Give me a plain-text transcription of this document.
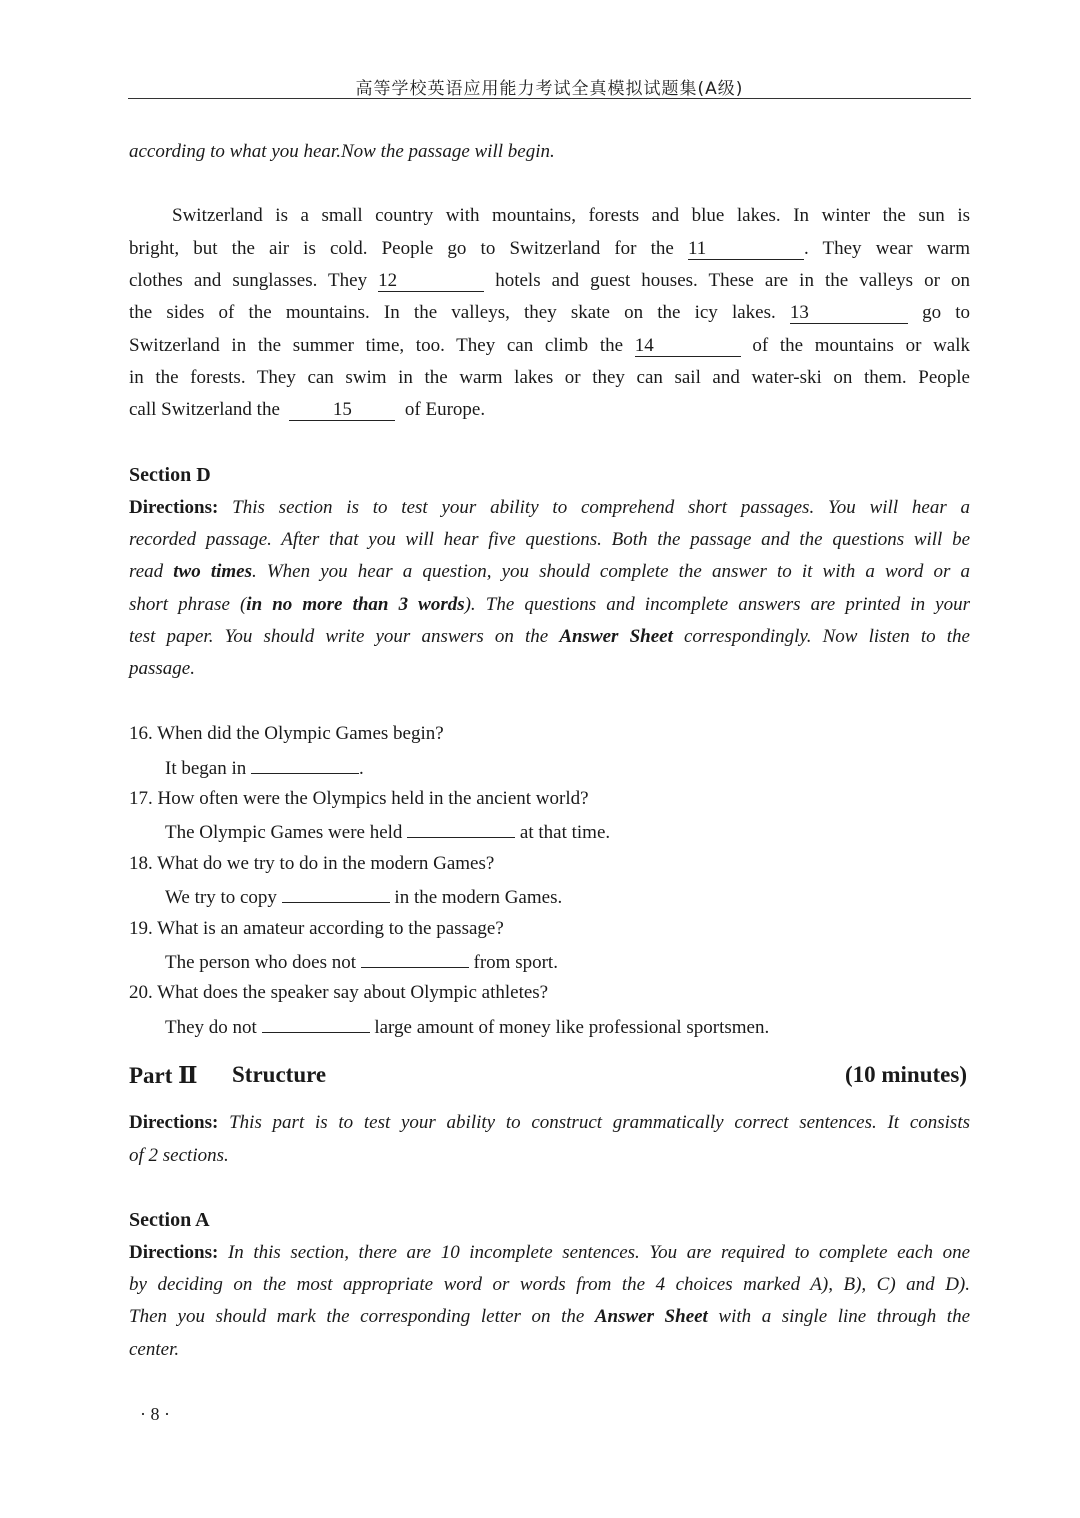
高等学校英语应用能力考试全真模拟试题集(A级)
according to what you hear.Now the passage will begin.
Switzerland is a small country with mountains, forests and blue lakes. In winter the sun is
bright, but the air is cold. People go to Switzerland for the 11	. They wear warm
clothes and sunglasses. They 12	hotels and guest houses. These are in the valleys or on
the sides of the mountains. In the valleys, they skate on the icy lakes. 13	go to
Switzerland in the summer time, too. They can climb the 14	of the mountains or walk
in the forests. They can swim in the warm lakes or they can sail and water-ski on them. People
call Switzerland the	15	of Europe.
Section D
Directions: This section is to test your ability to comprehend short passages. You will hear a
recorded passage. After that you will hear five questions. Both the passage and the questions will be
read two times. When you hear a question, you should complete the answer to it with a word or a
short phrase (in no more than 3 words). The questions and incomplete answers are printed in your
test paper. You should write your answers on the Answer Sheet correspondingly. Now listen to the
passage.
16. When did the Olympic Games begin?
It began in	.
17. How often were the Olympics held in the ancient world?
The Olympic Games were held	at that time.
18. What do we try to do in the modern Games?
We try to copy	in the modern Games.
19. What is an amateur according to the passage?
The person who does not	from sport.
20. What does the speaker say about Olympic athletes?
They do not	large amount of money like professional sportsmen.
Part Ⅱ Structure	(10 minutes)
Directions: This part is to test your ability to construct grammatically correct sentences. It consists
of 2 sections.
Section A
Directions: In this section, there are 10 incomplete sentences. You are required to complete each one
by deciding on the most appropriate word or words from the 4 choices marked A), B), C) and D).
Then you should mark the corresponding letter on the Answer Sheet with a single line through the
center.
· 8 ·
